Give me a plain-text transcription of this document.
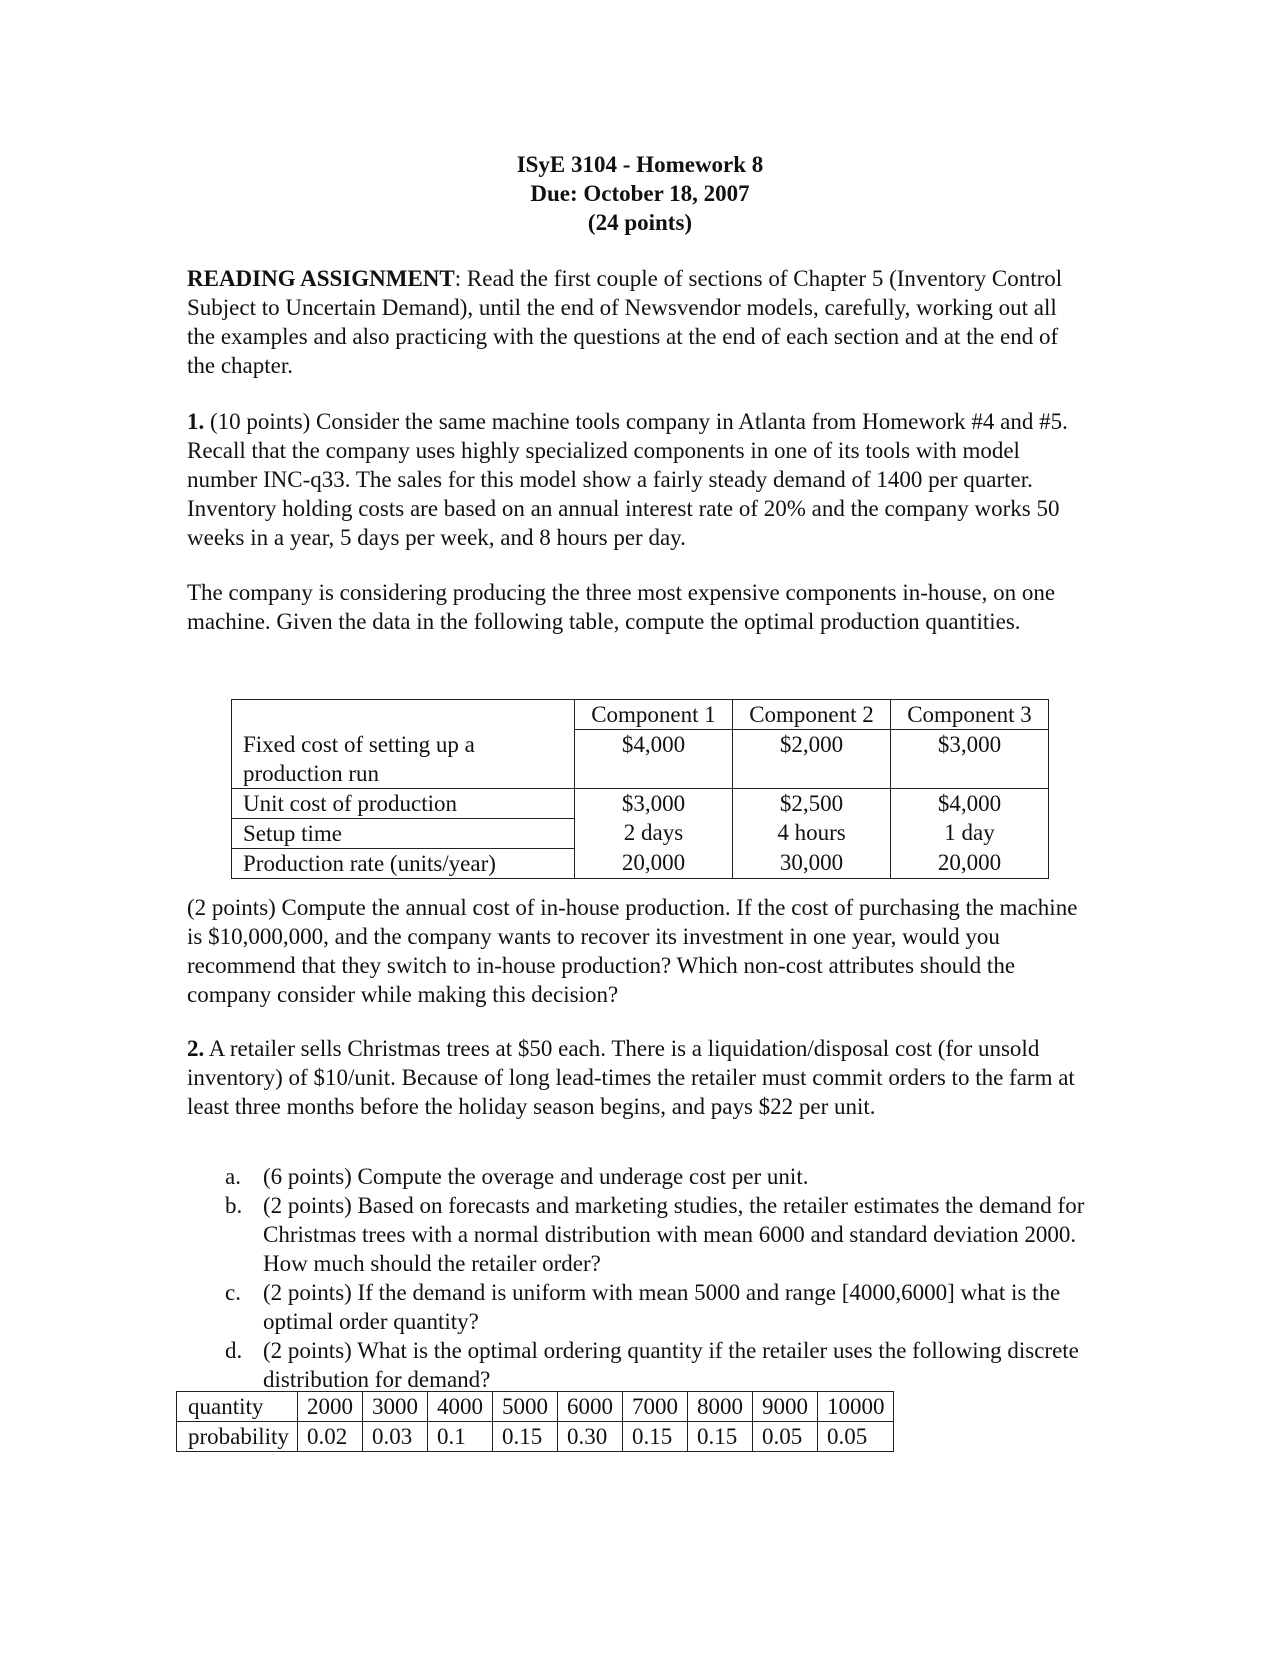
ISyE 3104 - Homework 8
Due: October 18, 2007
(24 points)

READING ASSIGNMENT: Read the first couple of sections of Chapter 5 (Inventory Control Subject to Uncertain Demand), until the end of Newsvendor models, carefully, working out all the examples and also practicing with the questions at the end of each section and at the end of the chapter.

1. (10 points) Consider the same machine tools company in Atlanta from Homework #4 and #5. Recall that the company uses highly specialized components in one of its tools with model number INC-q33. The sales for this model show a fairly steady demand of 1400 per quarter. Inventory holding costs are based on an annual interest rate of 20% and the company works 50 weeks in a year, 5 days per week, and 8 hours per day.

The company is considering producing the three most expensive components in-house, on one machine. Given the data in the following table, compute the optimal production quantities.

	Component 1	Component 2	Component 3
Fixed cost of setting up a production run	$4,000	$2,000	$3,000
Unit cost of production	$3,000	$2,500	$4,000
Setup time	2 days	4 hours	1 day
Production rate (units/year)	20,000	30,000	20,000

(2 points) Compute the annual cost of in-house production. If the cost of purchasing the machine is $10,000,000, and the company wants to recover its investment in one year, would you recommend that they switch to in-house production? Which non-cost attributes should the company consider while making this decision?

2. A retailer sells Christmas trees at $50 each. There is a liquidation/disposal cost (for unsold inventory) of $10/unit. Because of long lead-times the retailer must commit orders to the farm at least three months before the holiday season begins, and pays $22 per unit.

a. (6 points) Compute the overage and underage cost per unit.
b. (2 points) Based on forecasts and marketing studies, the retailer estimates the demand for Christmas trees with a normal distribution with mean 6000 and standard deviation 2000. How much should the retailer order?
c. (2 points) If the demand is uniform with mean 5000 and range [4000,6000] what is the optimal order quantity?
d. (2 points) What is the optimal ordering quantity if the retailer uses the following discrete distribution for demand?
quantity	2000	3000	4000	5000	6000	7000	8000	9000	10000
probability	0.02	0.03	0.1	0.15	0.30	0.15	0.15	0.05	0.05
